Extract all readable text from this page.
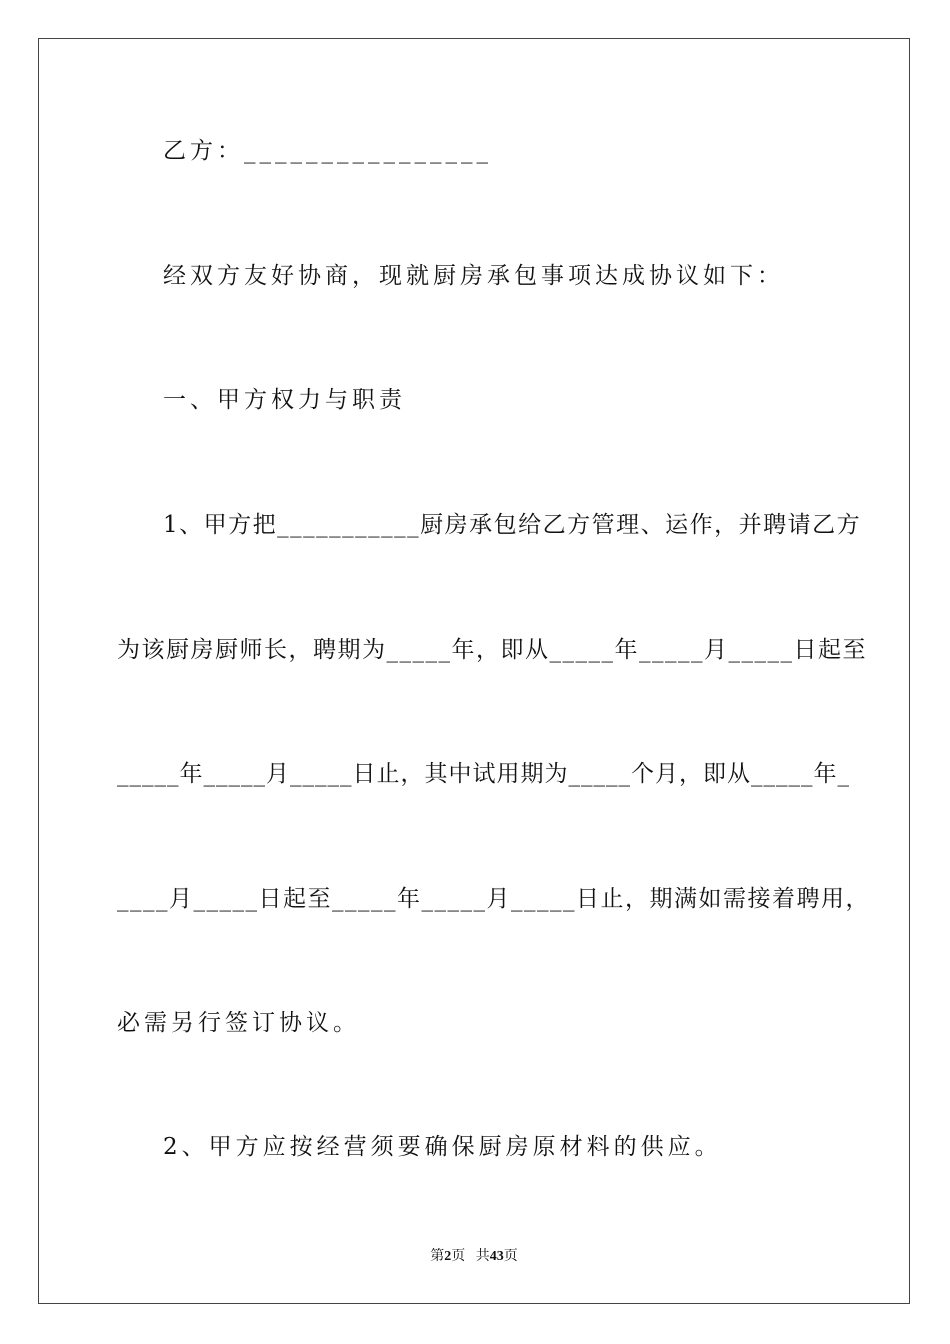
乙方：________________
经双方友好协商，现就厨房承包事项达成协议如下：
一、甲方权力与职责
1、甲方把___________厨房承包给乙方管理、运作，并聘请乙方
为该厨房厨师长，聘期为_____年，即从_____年_____月_____日起至
_____年_____月_____日止，其中试用期为_____个月，即从_____年_
____月_____日起至_____年_____月_____日止，期满如需接着聘用，
必需另行签订协议。
2、甲方应按经营须要确保厨房原材料的供应。
第2页   共43页
